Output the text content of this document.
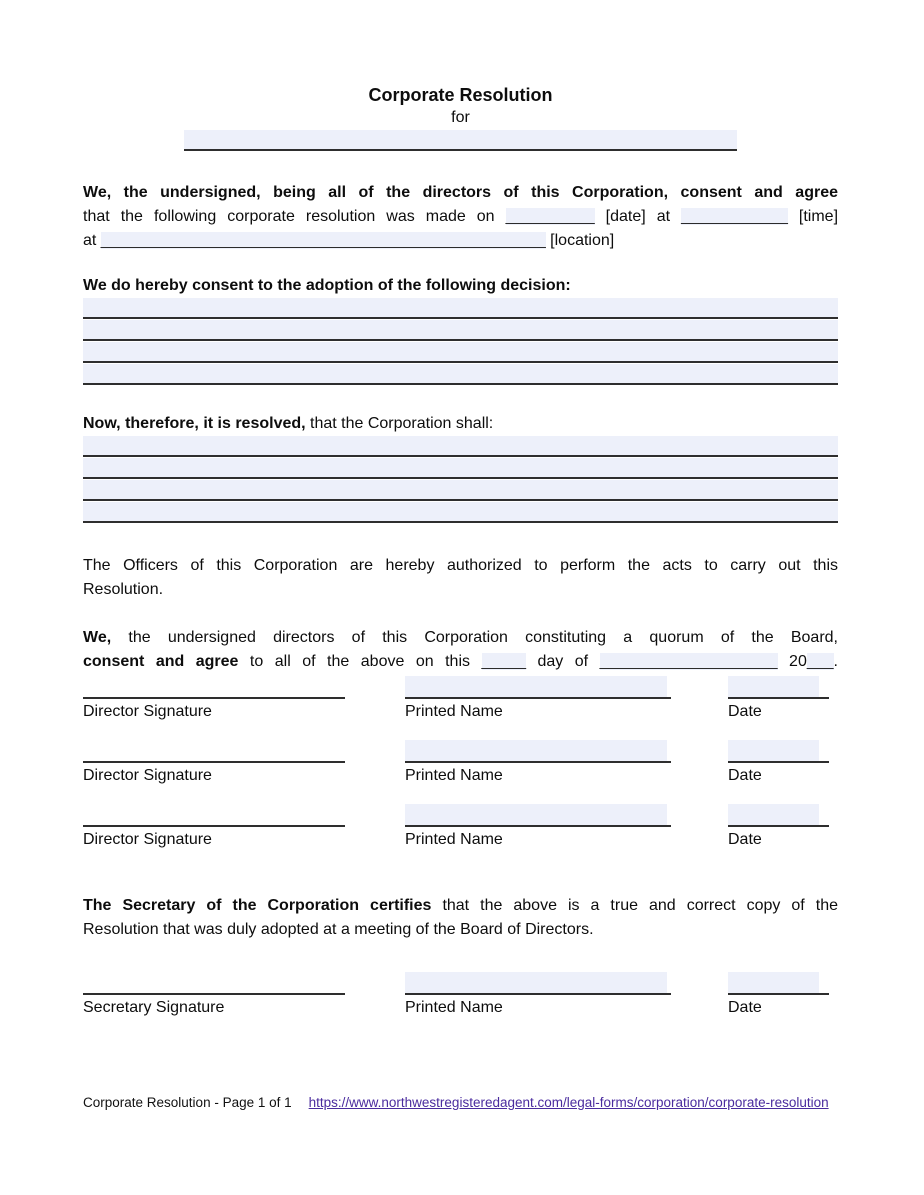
Corporate Resolution
for
We, the undersigned, being all of the directors of this Corporation, consent and agree
that the following corporate resolution was made on __________ [date] at ____________ [time]
at __________________________________________________ [location]
We do hereby consent to the adoption of the following decision:
Now, therefore, it is resolved, that the Corporation shall:
The Officers of this Corporation are hereby authorized to perform the acts to carry out this
Resolution.
We, the undersigned directors of this Corporation constituting a quorum of the Board,
consent and agree to all of the above on this _____ day of ____________________ 20___.
Director Signature	Printed Name	Date
Director Signature	Printed Name	Date
Director Signature	Printed Name	Date
The Secretary of the Corporation certifies that the above is a true and correct copy of the
Resolution that was duly adopted at a meeting of the Board of Directors.
Secretary Signature	Printed Name	Date
Corporate Resolution - Page 1 of 1 https://www.northwestregisteredagent.com/legal-forms/corporation/corporate-resolution
